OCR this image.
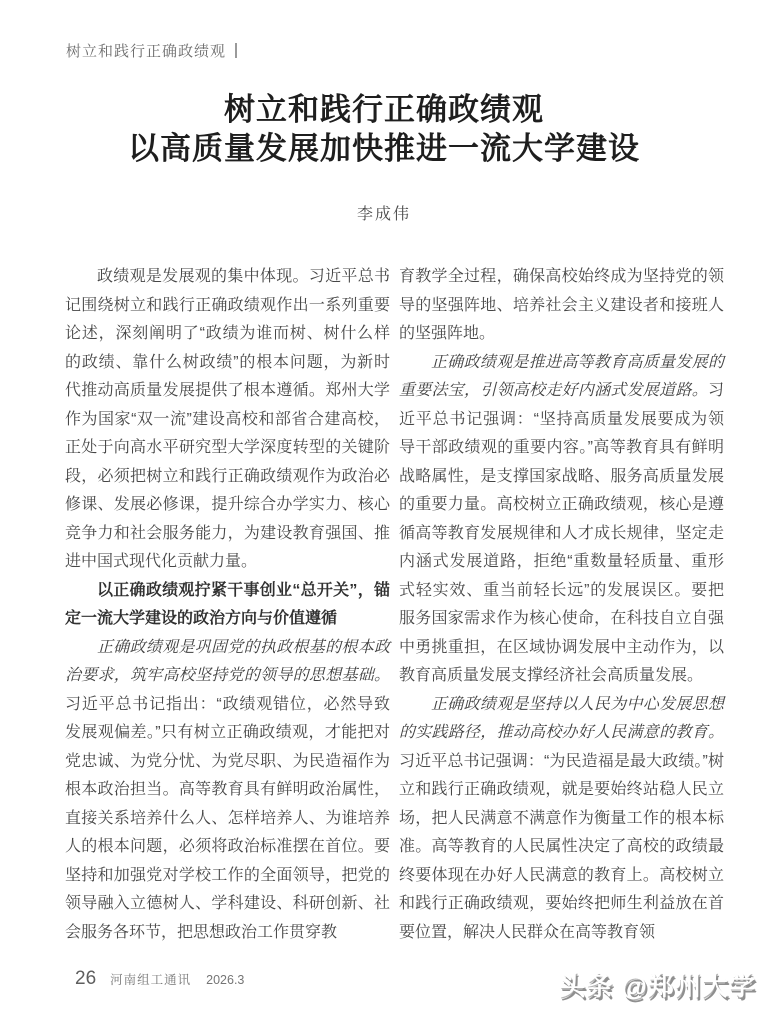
树立和践行正确政绩观
树立和践行正确政绩观
以高质量发展加快推进一流大学建设
李成伟

政绩观是发展观的集中体现。习近平总书记围绕树立和践行正确政绩观作出一系列重要论述，深刻阐明了“政绩为谁而树、树什么样的政绩、靠什么树政绩”的根本问题，为新时代推动高质量发展提供了根本遵循。郑州大学作为国家“双一流”建设高校和部省合建高校，正处于向高水平研究型大学深度转型的关键阶段，必须把树立和践行正确政绩观作为政治必修课、发展必修课，提升综合办学实力、核心竞争力和社会服务能力，为建设教育强国、推进中国式现代化贡献力量。

以正确政绩观拧紧干事创业“总开关”，锚定一流大学建设的政治方向与价值遵循

正确政绩观是巩固党的执政根基的根本政治要求，筑牢高校坚持党的领导的思想基础。习近平总书记指出：“政绩观错位，必然导致发展观偏差。”只有树立正确政绩观，才能把对党忠诚、为党分忧、为党尽职、为民造福作为根本政治担当。高等教育具有鲜明政治属性，直接关系培养什么人、怎样培养人、为谁培养人的根本问题，必须将政治标准摆在首位。要坚持和加强党对学校工作的全面领导，把党的领导融入立德树人、学科建设、科研创新、社会服务各环节，把思想政治工作贯穿教

育教学全过程，确保高校始终成为坚持党的领导的坚强阵地、培养社会主义建设者和接班人的坚强阵地。

正确政绩观是推进高等教育高质量发展的重要法宝，引领高校走好内涵式发展道路。习近平总书记强调：“坚持高质量发展要成为领导干部政绩观的重要内容。”高等教育具有鲜明战略属性，是支撑国家战略、服务高质量发展的重要力量。高校树立正确政绩观，核心是遵循高等教育发展规律和人才成长规律，坚定走内涵式发展道路，拒绝“重数量轻质量、重形式轻实效、重当前轻长远”的发展误区。要把服务国家需求作为核心使命，在科技自立自强中勇挑重担，在区域协调发展中主动作为，以教育高质量发展支撑经济社会高质量发展。

正确政绩观是坚持以人民为中心发展思想的实践路径，推动高校办好人民满意的教育。习近平总书记强调：“为民造福是最大政绩。”树立和践行正确政绩观，就是要始终站稳人民立场，把人民满意不满意作为衡量工作的根本标准。高等教育的人民属性决定了高校的政绩最终要体现在办好人民满意的教育上。高校树立和践行正确政绩观，要始终把师生利益放在首要位置，解决人民群众在高等教育领

26 河南组工通讯 2026.3	头条 @郑州大学
